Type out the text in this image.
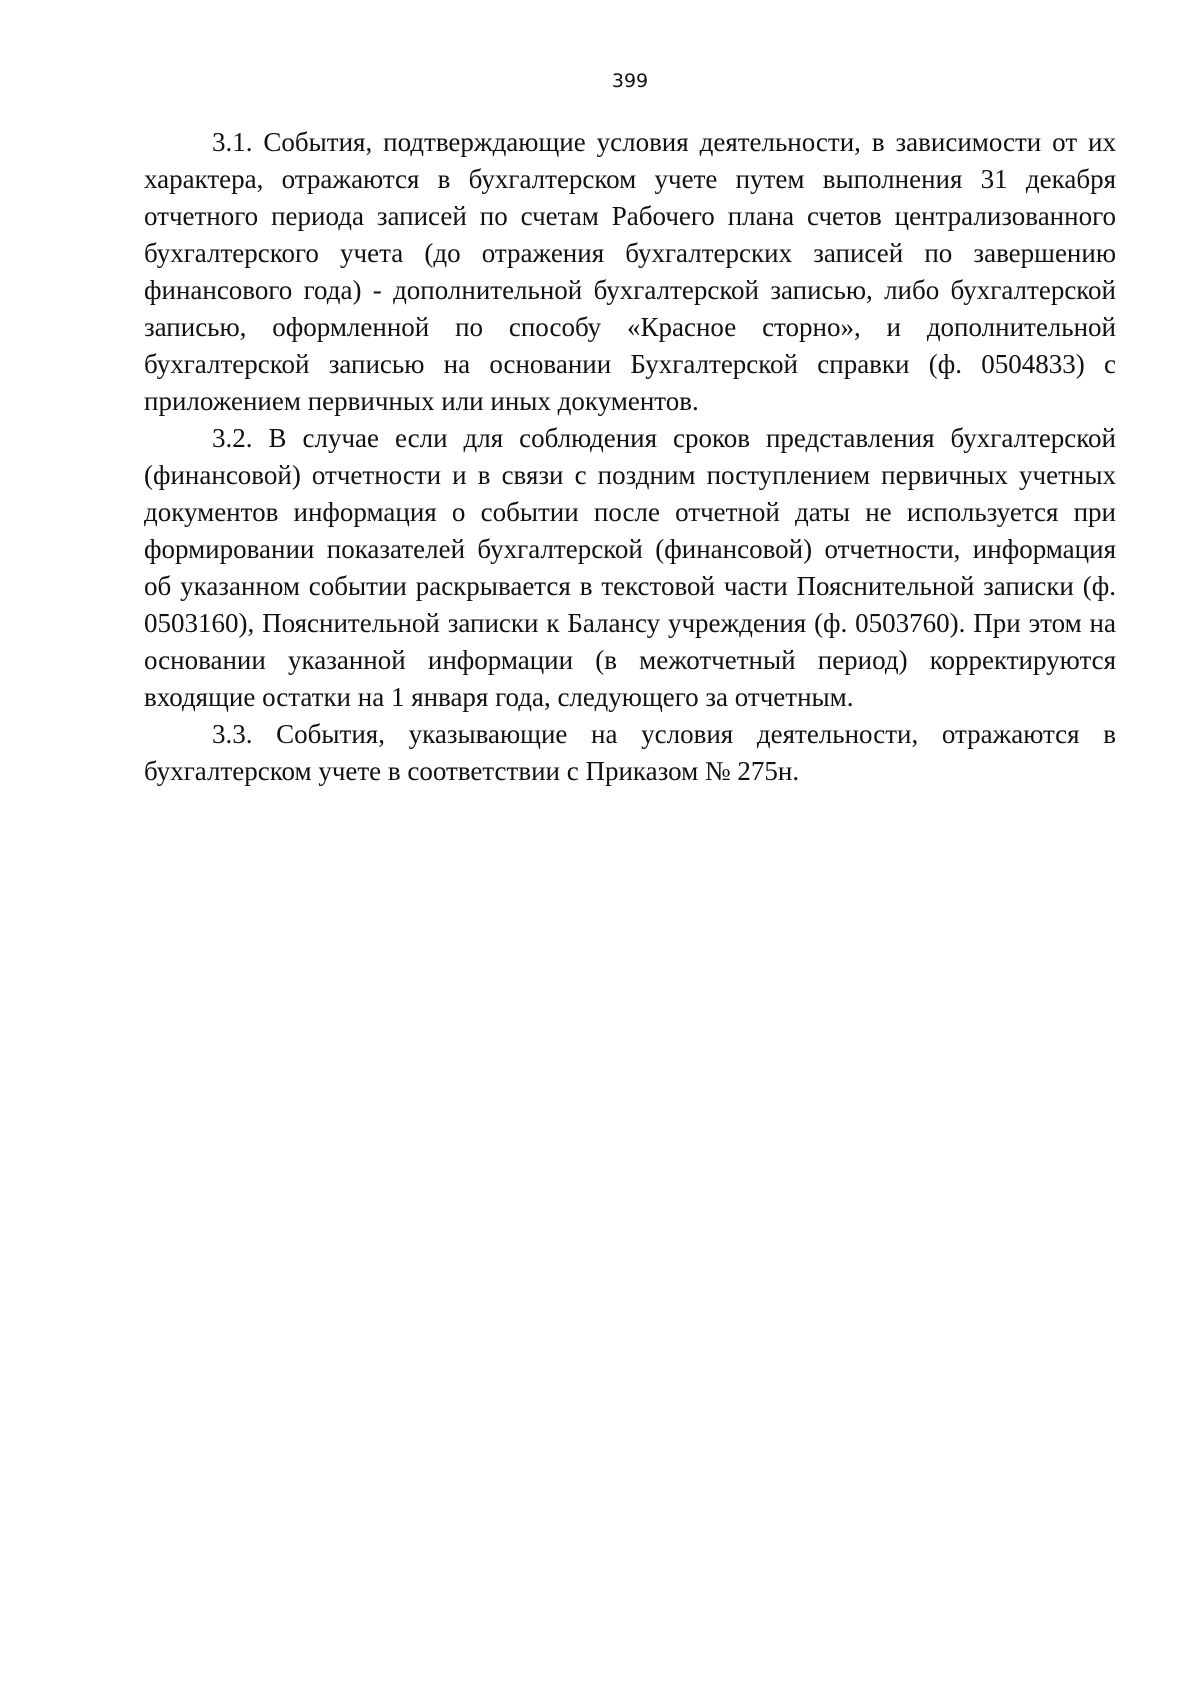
399

3.1. События, подтверждающие условия деятельности, в зависимости от их характера, отражаются в бухгалтерском учете путем выполнения 31 декабря отчетного периода записей по счетам Рабочего плана счетов централизованного бухгалтерского учета (до отражения бухгалтерских записей по завершению финансового года) - дополнительной бухгалтерской записью, либо бухгалтерской записью, оформленной по способу «Красное сторно», и дополнительной бухгалтерской записью на основании Бухгалтерской справки (ф. 0504833) с приложением первичных или иных документов.

3.2. В случае если для соблюдения сроков представления бухгалтерской (финансовой) отчетности и в связи с поздним поступлением первичных учетных документов информация о событии после отчетной даты не используется при формировании показателей бухгалтерской (финансовой) отчетности, информация об указанном событии раскрывается в текстовой части Пояснительной записки (ф. 0503160), Пояснительной записки к Балансу учреждения (ф. 0503760). При этом на основании указанной информации (в межотчетный период) корректируются входящие остатки на 1 января года, следующего за отчетным.

3.3. События, указывающие на условия деятельности, отражаются в бухгалтерском учете в соответствии с Приказом № 275н.
